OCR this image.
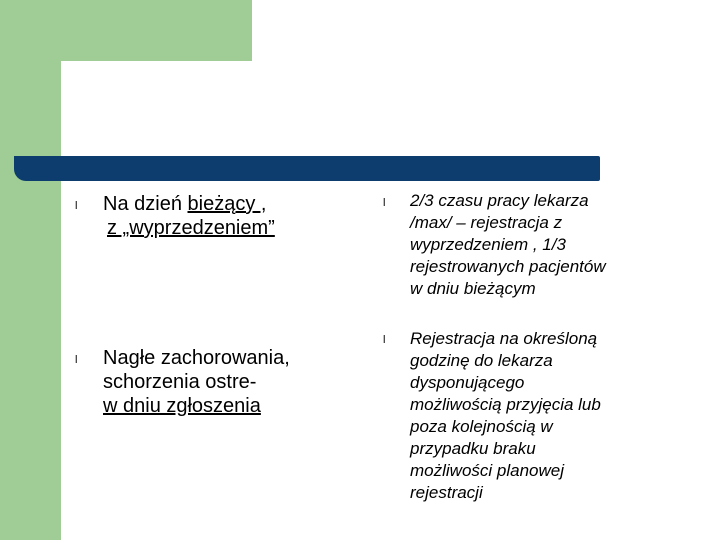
l Na dzień bieżący ,
z „wyprzedzeniem”
l Nagłe zachorowania,
schorzenia ostre-
w dniu zgłoszenia
l 2/3 czasu pracy lekarza
/max/ – rejestracja z
wyprzedzeniem , 1/3
rejestrowanych pacjentów
w dniu bieżącym
l Rejestracja na określoną
godzinę do lekarza
dysponującego
możliwością przyjęcia lub
poza kolejnością w
przypadku braku
możliwości planowej
rejestracji
